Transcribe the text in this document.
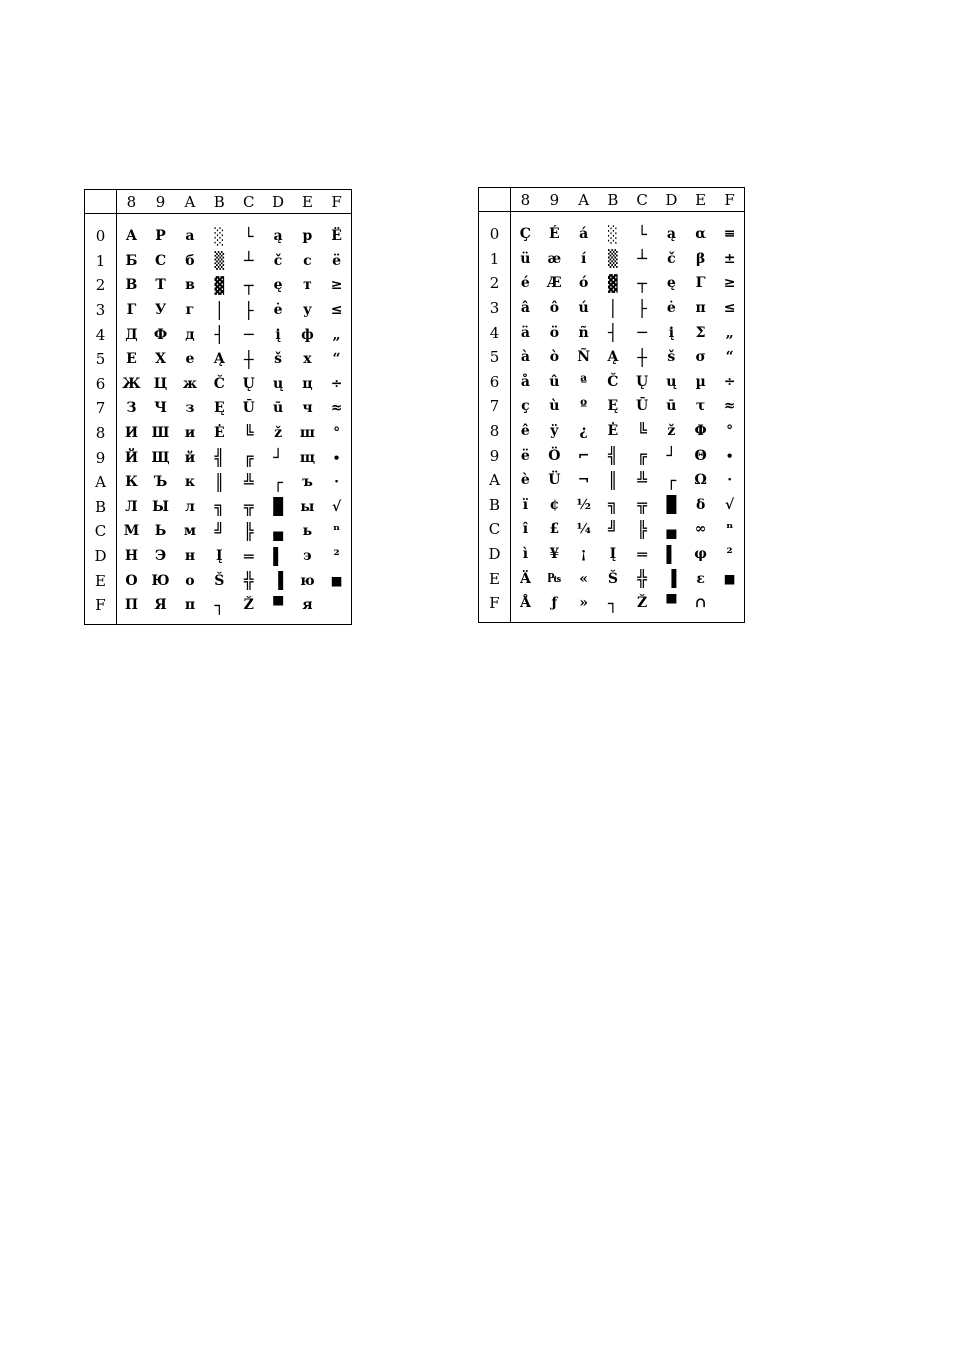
	8	9	A	B	C	D	E	F
0	А	Р	а	░	└	ą	р	Ё
1	Б	С	б	▒	┴	č	с	ё
2	В	Т	в	▓	┬	ę	т	≥
3	Г	У	г	│	├	ė	у	≤
4	Д	Ф	д	┤	─	į	ф	„
5	Е	Х	е	Ą	┼	š	х	“
6	Ж	Ц	ж	Č	Ų	ų	ц	÷
7	З	Ч	з	Ę	Ū	ū	ч	≈
8	И	Ш	и	Ė	╚	ž	ш	°
9	Й	Щ	й	╣	╔	┘	щ	∙
A	К	Ъ	к	║	╩	┌	ъ	·
B	Л	Ы	л	╗	╦	█	ы	√
C	М	Ь	м	╝	╠	▄	ь	ⁿ
D	Н	Э	н	Į	═	▌	э	²
E	О	Ю	о	Š	╬	▐	ю	■
F	П	Я	п	┐	Ž	▀	я	
	8	9	A	B	C	D	E	F
0	Ç	É	á	░	└	ą	α	≡
1	ü	æ	í	▒	┴	č	β	±
2	é	Æ	ó	▓	┬	ę	Γ	≥
3	â	ô	ú	│	├	ė	π	≤
4	ä	ö	ñ	┤	─	į	Σ	„
5	à	ò	Ñ	Ą	┼	š	σ	“
6	å	û	ª	Č	Ų	ų	µ	÷
7	ç	ù	º	Ę	Ū	ū	τ	≈
8	ê	ÿ	¿	Ė	╚	ž	Φ	°
9	ë	Ö	⌐	╣	╔	┘	Θ	∙
A	è	Ü	¬	║	╩	┌	Ω	·
B	ï	¢	½	╗	╦	█	δ	√
C	î	£	¼	╝	╠	▄	∞	ⁿ
D	ì	¥	¡	Į	═	▌	φ	²
E	Ä	₧	«	Š	╬	▐	ε	■
F	Å	ƒ	»	┐	Ž	▀	∩	
